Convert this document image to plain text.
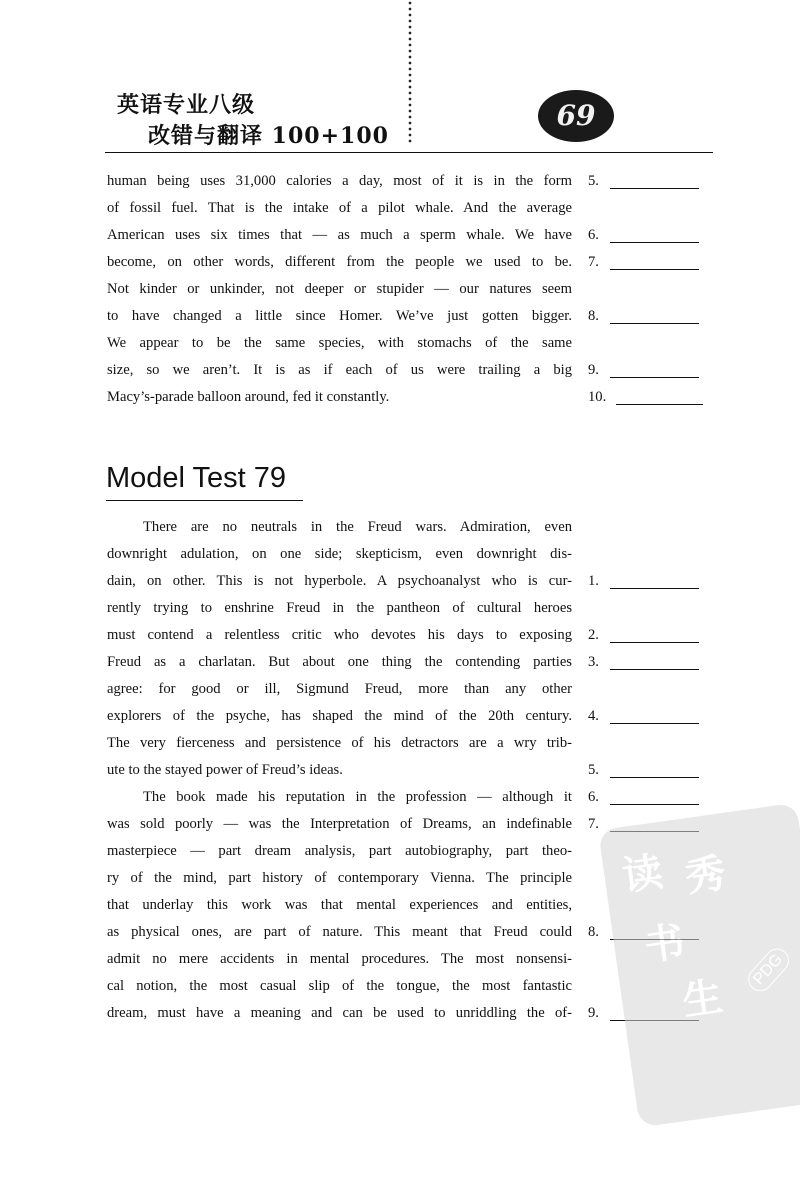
英语专业八级
改错与翻译 100+100
69
human being uses 31,000 calories a day, most of it is in the form
of fossil fuel. That is the intake of a pilot whale. And the average
American uses six times that — as much a sperm whale. We have
become, on other words, different from the people we used to be.
Not kinder or unkinder, not deeper or stupider — our natures seem
to have changed a little since Homer. We’ve just gotten bigger.
We appear to be the same species, with stomachs of the same
size, so we aren’t. It is as if each of us were trailing a big
Macy’s-parade balloon around, fed it constantly.
5.
6.
7.
8.
9.
10.
Model Test 79
There are no neutrals in the Freud wars. Admiration, even
downright adulation, on one side; skepticism, even downright dis-
dain, on other. This is not hyperbole. A psychoanalyst who is cur-
rently trying to enshrine Freud in the pantheon of cultural heroes
must contend a relentless critic who devotes his days to exposing
Freud as a charlatan. But about one thing the contending parties
agree: for good or ill, Sigmund Freud, more than any other
explorers of the psyche, has shaped the mind of the 20th century.
The very fierceness and persistence of his detractors are a wry trib-
ute to the stayed power of Freud’s ideas.
The book made his reputation in the profession — although it
was sold poorly — was the Interpretation of Dreams, an indefinable
masterpiece — part dream analysis, part autobiography, part theo-
ry of the mind, part history of contemporary Vienna. The principle
that underlay this work was that mental experiences and entities,
as physical ones, are part of nature. This meant that Freud could
admit no mere accidents in mental procedures. The most nonsensi-
cal notion, the most casual slip of the tongue, the most fantastic
dream, must have a meaning and can be used to unriddling the of-
1.
2.
3.
4.
5.
6.
7.
8.
9.
读 秀
书
生
PDG
